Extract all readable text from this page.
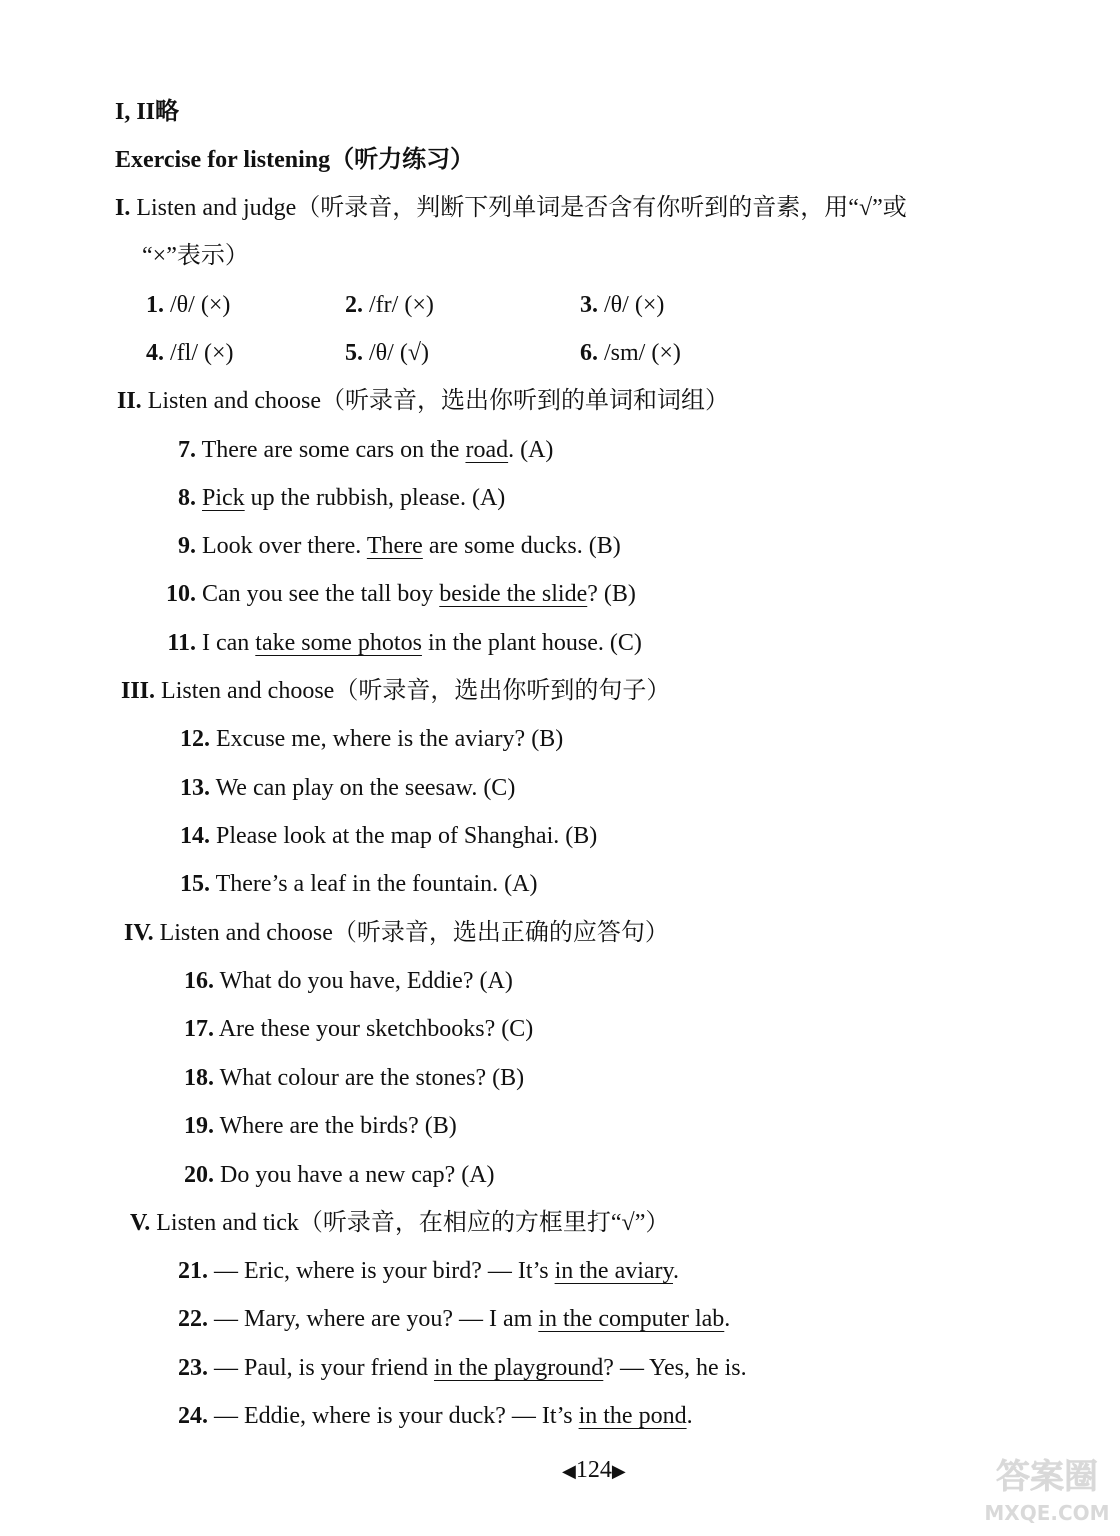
I, II略
Exercise for listening（听力练习）
I. Listen and judge（听录音，判断下列单词是否含有你听到的音素，用“√”或
“×”表示）
1. /θ/ (×)	2. /fr/ (×)	3. /θ/ (×)
4. /fl/ (×)	5. /θ/ (√)	6. /sm/ (×)
II. Listen and choose（听录音，选出你听到的单词和词组）
7. There are some cars on the road. (A)
8. Pick up the rubbish, please. (A)
9. Look over there. There are some ducks. (B)
10. Can you see the tall boy beside the slide? (B)
11. I can take some photos in the plant house. (C)
III. Listen and choose（听录音，选出你听到的句子）
12. Excuse me, where is the aviary? (B)
13. We can play on the seesaw. (C)
14. Please look at the map of Shanghai. (B)
15. There’s a leaf in the fountain. (A)
IV. Listen and choose（听录音，选出正确的应答句）
16. What do you have, Eddie? (A)
17. Are these your sketchbooks? (C)
18. What colour are the stones? (B)
19. Where are the birds? (B)
20. Do you have a new cap? (A)
V. Listen and tick（听录音，在相应的方框里打“√”）
21. — Eric, where is your bird? — It’s in the aviary.
22. — Mary, where are you? — I am in the computer lab.
23. — Paul, is your friend in the playground? — Yes, he is.
24. — Eddie, where is your duck? — It’s in the pond.
◀124▶	答案圈
MXQE.COM
